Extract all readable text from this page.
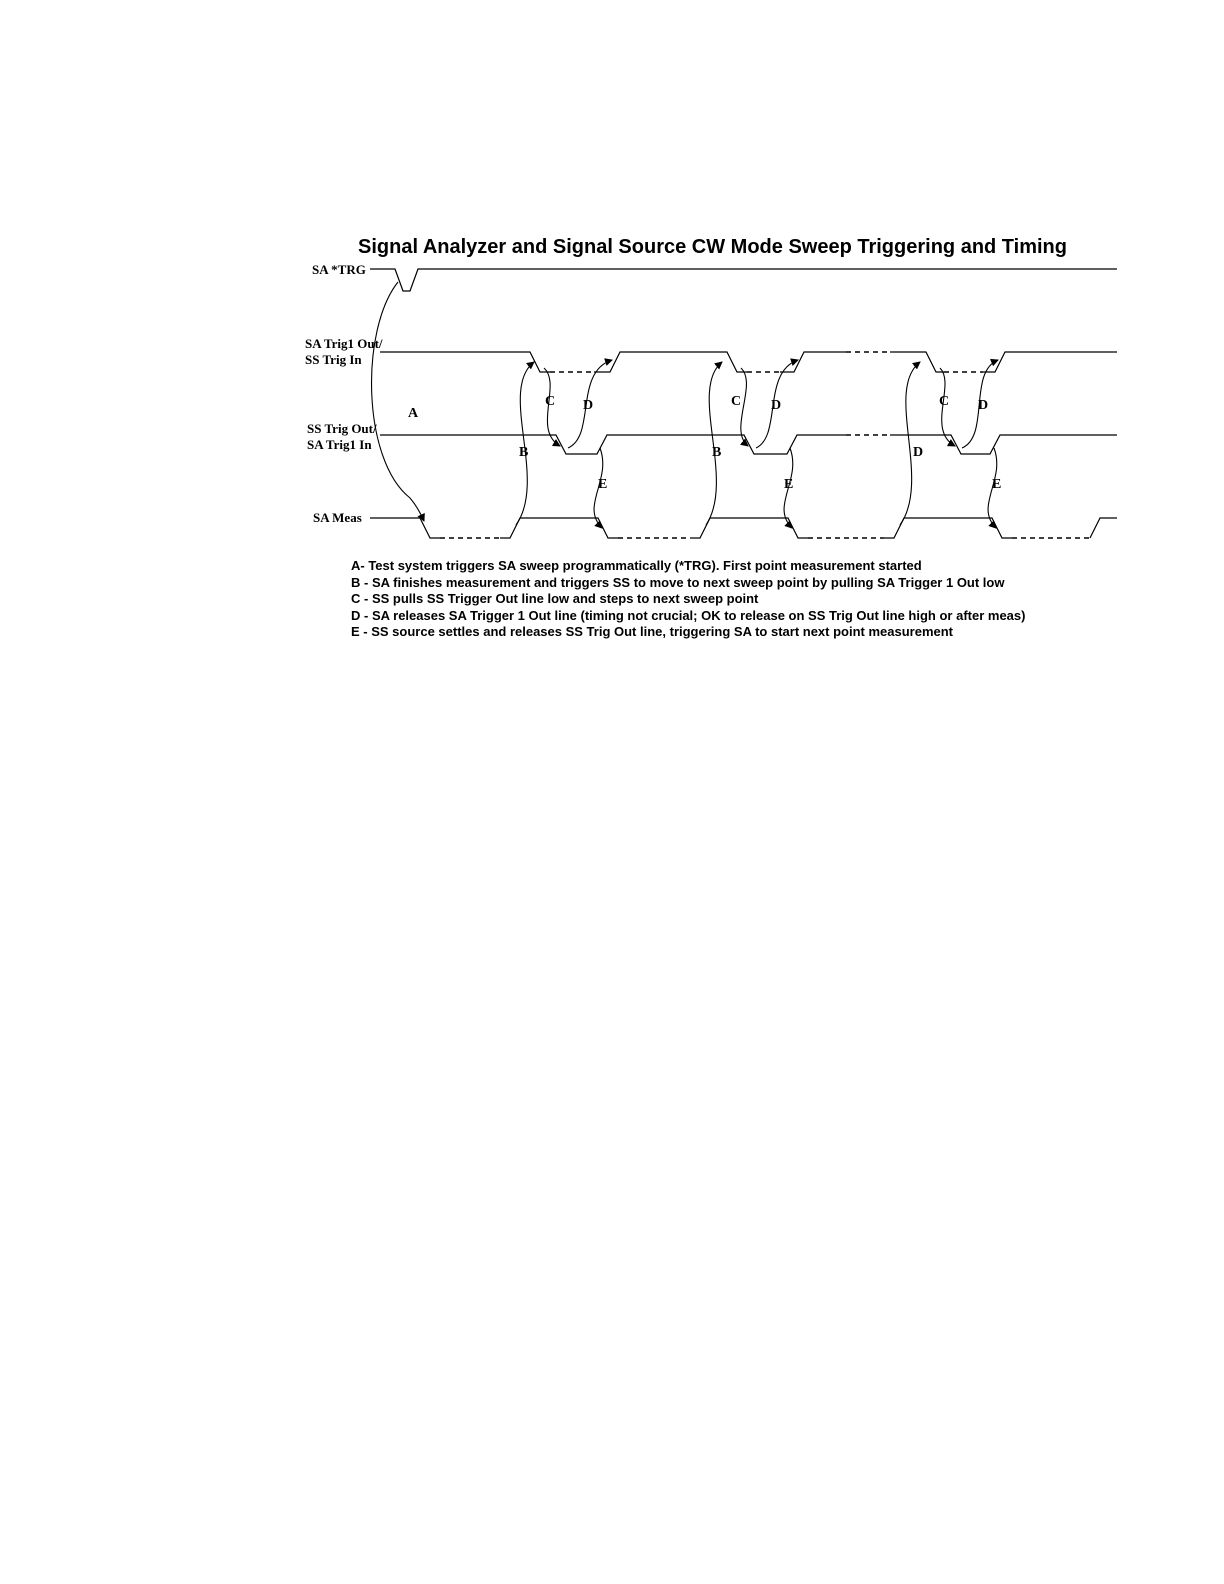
Signal Analyzer and Signal Source CW Mode Sweep Triggering and Timing
SA *TRG
SA Trig1 Out/
SS Trig In
SS Trig Out/
SA Trig1 In
SA Meas
A
B
C D
E
B
C D
E
D
C D
E
A- Test system triggers SA sweep programmatically (*TRG). First point measurement started
B - SA finishes measurement and triggers SS to move to next sweep point by pulling SA Trigger 1 Out low
C - SS pulls SS Trigger Out line low and steps to next sweep point
D - SA releases SA Trigger 1 Out line (timing not crucial; OK to release on SS Trig Out line high or after meas)
E - SS source settles and releases SS Trig Out line, triggering SA to start next point measurement
